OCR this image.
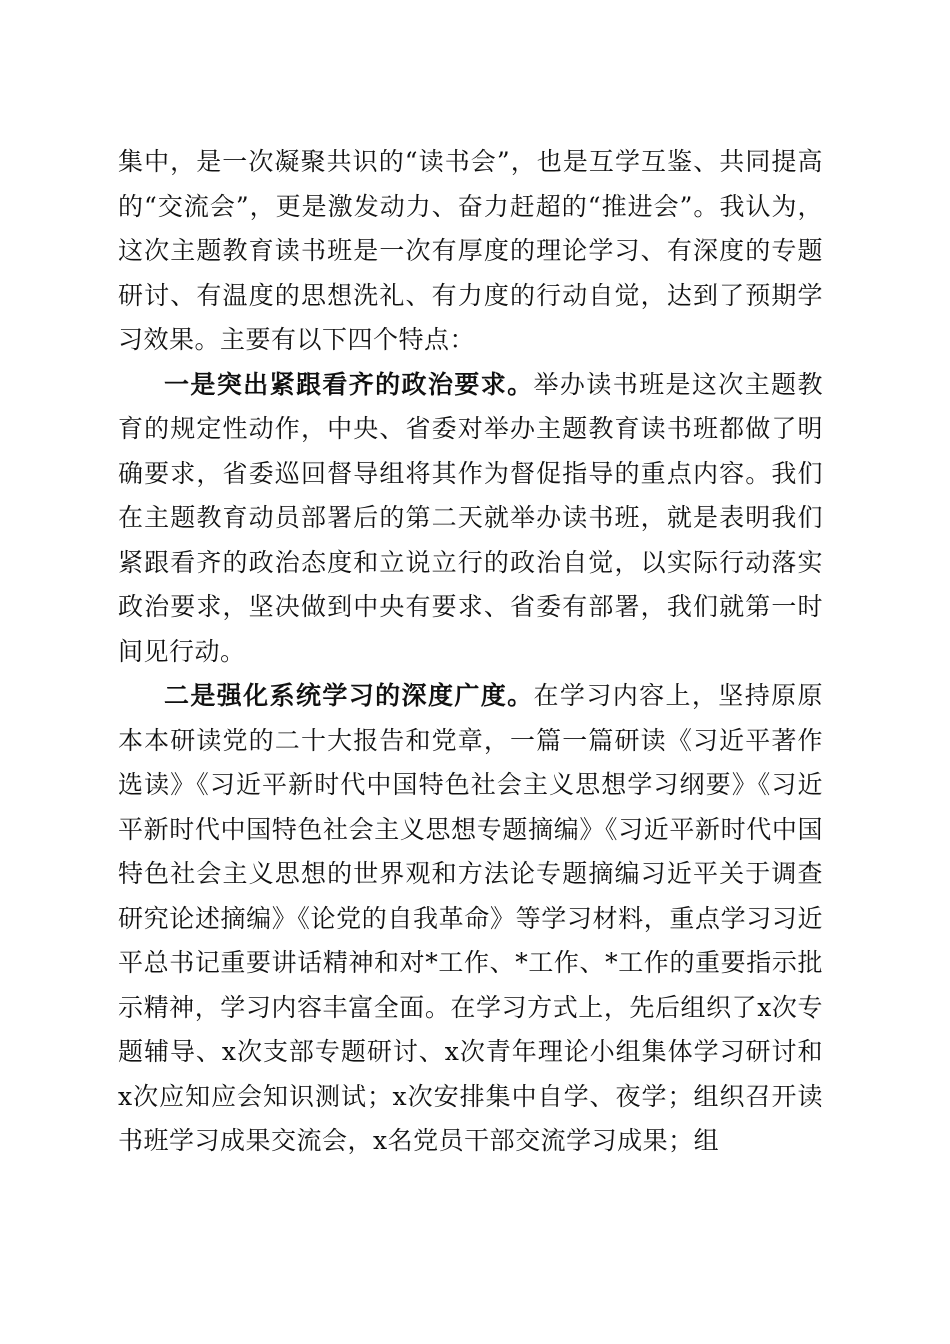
集中，是一次凝聚共识的“读书会”，也是互学互鉴、共同提高的“交流会”，更是激发动力、奋力赶超的“推进会”。我认为，这次主题教育读书班是一次有厚度的理论学习、有深度的专题研讨、有温度的思想洗礼、有力度的行动自觉，达到了预期学习效果。主要有以下四个特点：

一是突出紧跟看齐的政治要求。举办读书班是这次主题教育的规定性动作，中央、省委对举办主题教育读书班都做了明确要求，省委巡回督导组将其作为督促指导的重点内容。我们在主题教育动员部署后的第二天就举办读书班，就是表明我们紧跟看齐的政治态度和立说立行的政治自觉，以实际行动落实政治要求，坚决做到中央有要求、省委有部署，我们就第一时间见行动。

二是强化系统学习的深度广度。在学习内容上，坚持原原本本研读党的二十大报告和党章，一篇一篇研读《习近平著作选读》《习近平新时代中国特色社会主义思想学习纲要》《习近平新时代中国特色社会主义思想专题摘编》《习近平新时代中国特色社会主义思想的世界观和方法论专题摘编习近平关于调查研究论述摘编》《论党的自我革命》等学习材料，重点学习习近平总书记重要讲话精神和对*工作、*工作、*工作的重要指示批示精神，学习内容丰富全面。在学习方式上，先后组织了x次专题辅导、x次支部专题研讨、x次青年理论小组集体学习研讨和x次应知应会知识测试；x次安排集中自学、夜学；组织召开读书班学习成果交流会，x名党员干部交流学习成果；组
